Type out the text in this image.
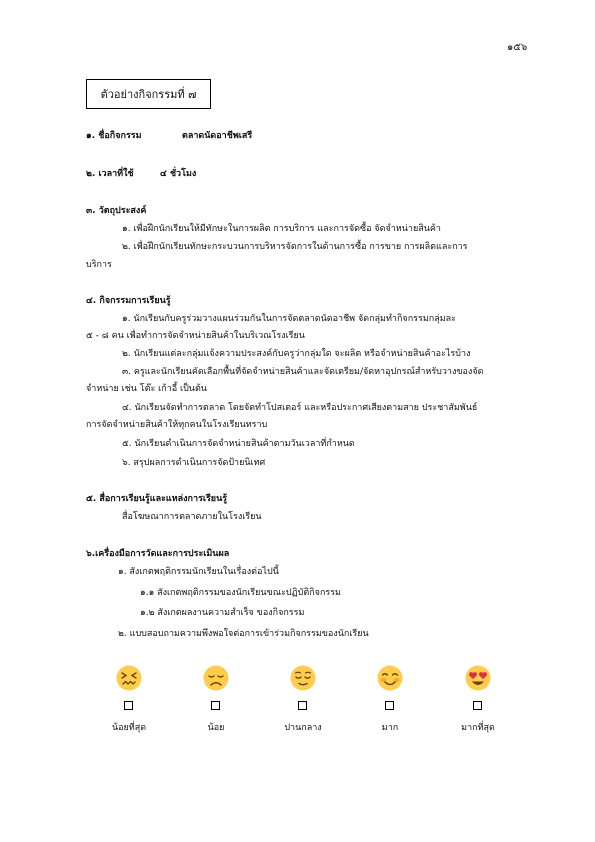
๑๕๖
ตัวอย่างกิจกรรมที่ ๗
๑. ชื่อกิจกรรม	ตลาดนัดอาชีพเสรี
๒. เวลาที่ใช้	๔ ชั่วโมง
๓. วัตถุประสงค์
๑. เพื่อฝึกนักเรียนให้มีทักษะในการผลิต การบริการ และการจัดซื้อ จัดจำหน่ายสินค้า
๒. เพื่อฝึกนักเรียนทักษะกระบวนการบริหารจัดการในด้านการซื้อ การขาย การผลิตและการ
บริการ
๔. กิจกรรมการเรียนรู้
๑. นักเรียนกับครูร่วมวางแผนร่วมกันในการจัดตลาดนัดอาชีพ จัดกลุ่มทำกิจกรรมกลุ่มละ
๕ - ๘ คน เพื่อทำการจัดจำหน่ายสินค้าในบริเวณโรงเรียน
๒. นักเรียนแต่ละกลุ่มแจ้งความประสงค์กับครูว่ากลุ่มใด จะผลิต หรือจำหน่ายสินค้าอะไรบ้าง
๓. ครูและนักเรียนคัดเลือกพื้นที่จัดจำหน่ายสินค้าและจัดเตรียม/จัดหาอุปกรณ์สำหรับวางของจัด
จำหน่าย เช่น โต๊ะ เก้าอี้ เป็นต้น
๔. นักเรียนจัดทำการตลาด โดยจัดทำโปสเตอร์ และหรือประกาศเสียงตามสาย ประชาสัมพันธ์
การจัดจำหน่ายสินค้าให้ทุกคนในโรงเรียนทราบ
๕. นักเรียนดำเนินการจัดจำหน่ายสินค้าตามวันเวลาที่กำหนด
๖. สรุปผลการดำเนินการจัดป้ายนิเทศ
๕. สื่อการเรียนรู้และแหล่งการเรียนรู้
สื่อโฆษณาการตลาดภายในโรงเรียน
๖.เครื่องมือการวัดและการประเมินผล
๑. สังเกตพฤติกรรมนักเรียนในเรื่องต่อไปนี้
๑.๑ สังเกตพฤติกรรมของนักเรียนขณะปฏิบัติกิจกรรม
๑.๒ สังเกตผลงานความสำเร็จ ของกิจกรรม
๒. แบบสอบถามความพึงพอใจต่อการเข้าร่วมกิจกรรมของนักเรียน
น้อยที่สุด	น้อย	ปานกลาง	มาก	มากที่สุด
